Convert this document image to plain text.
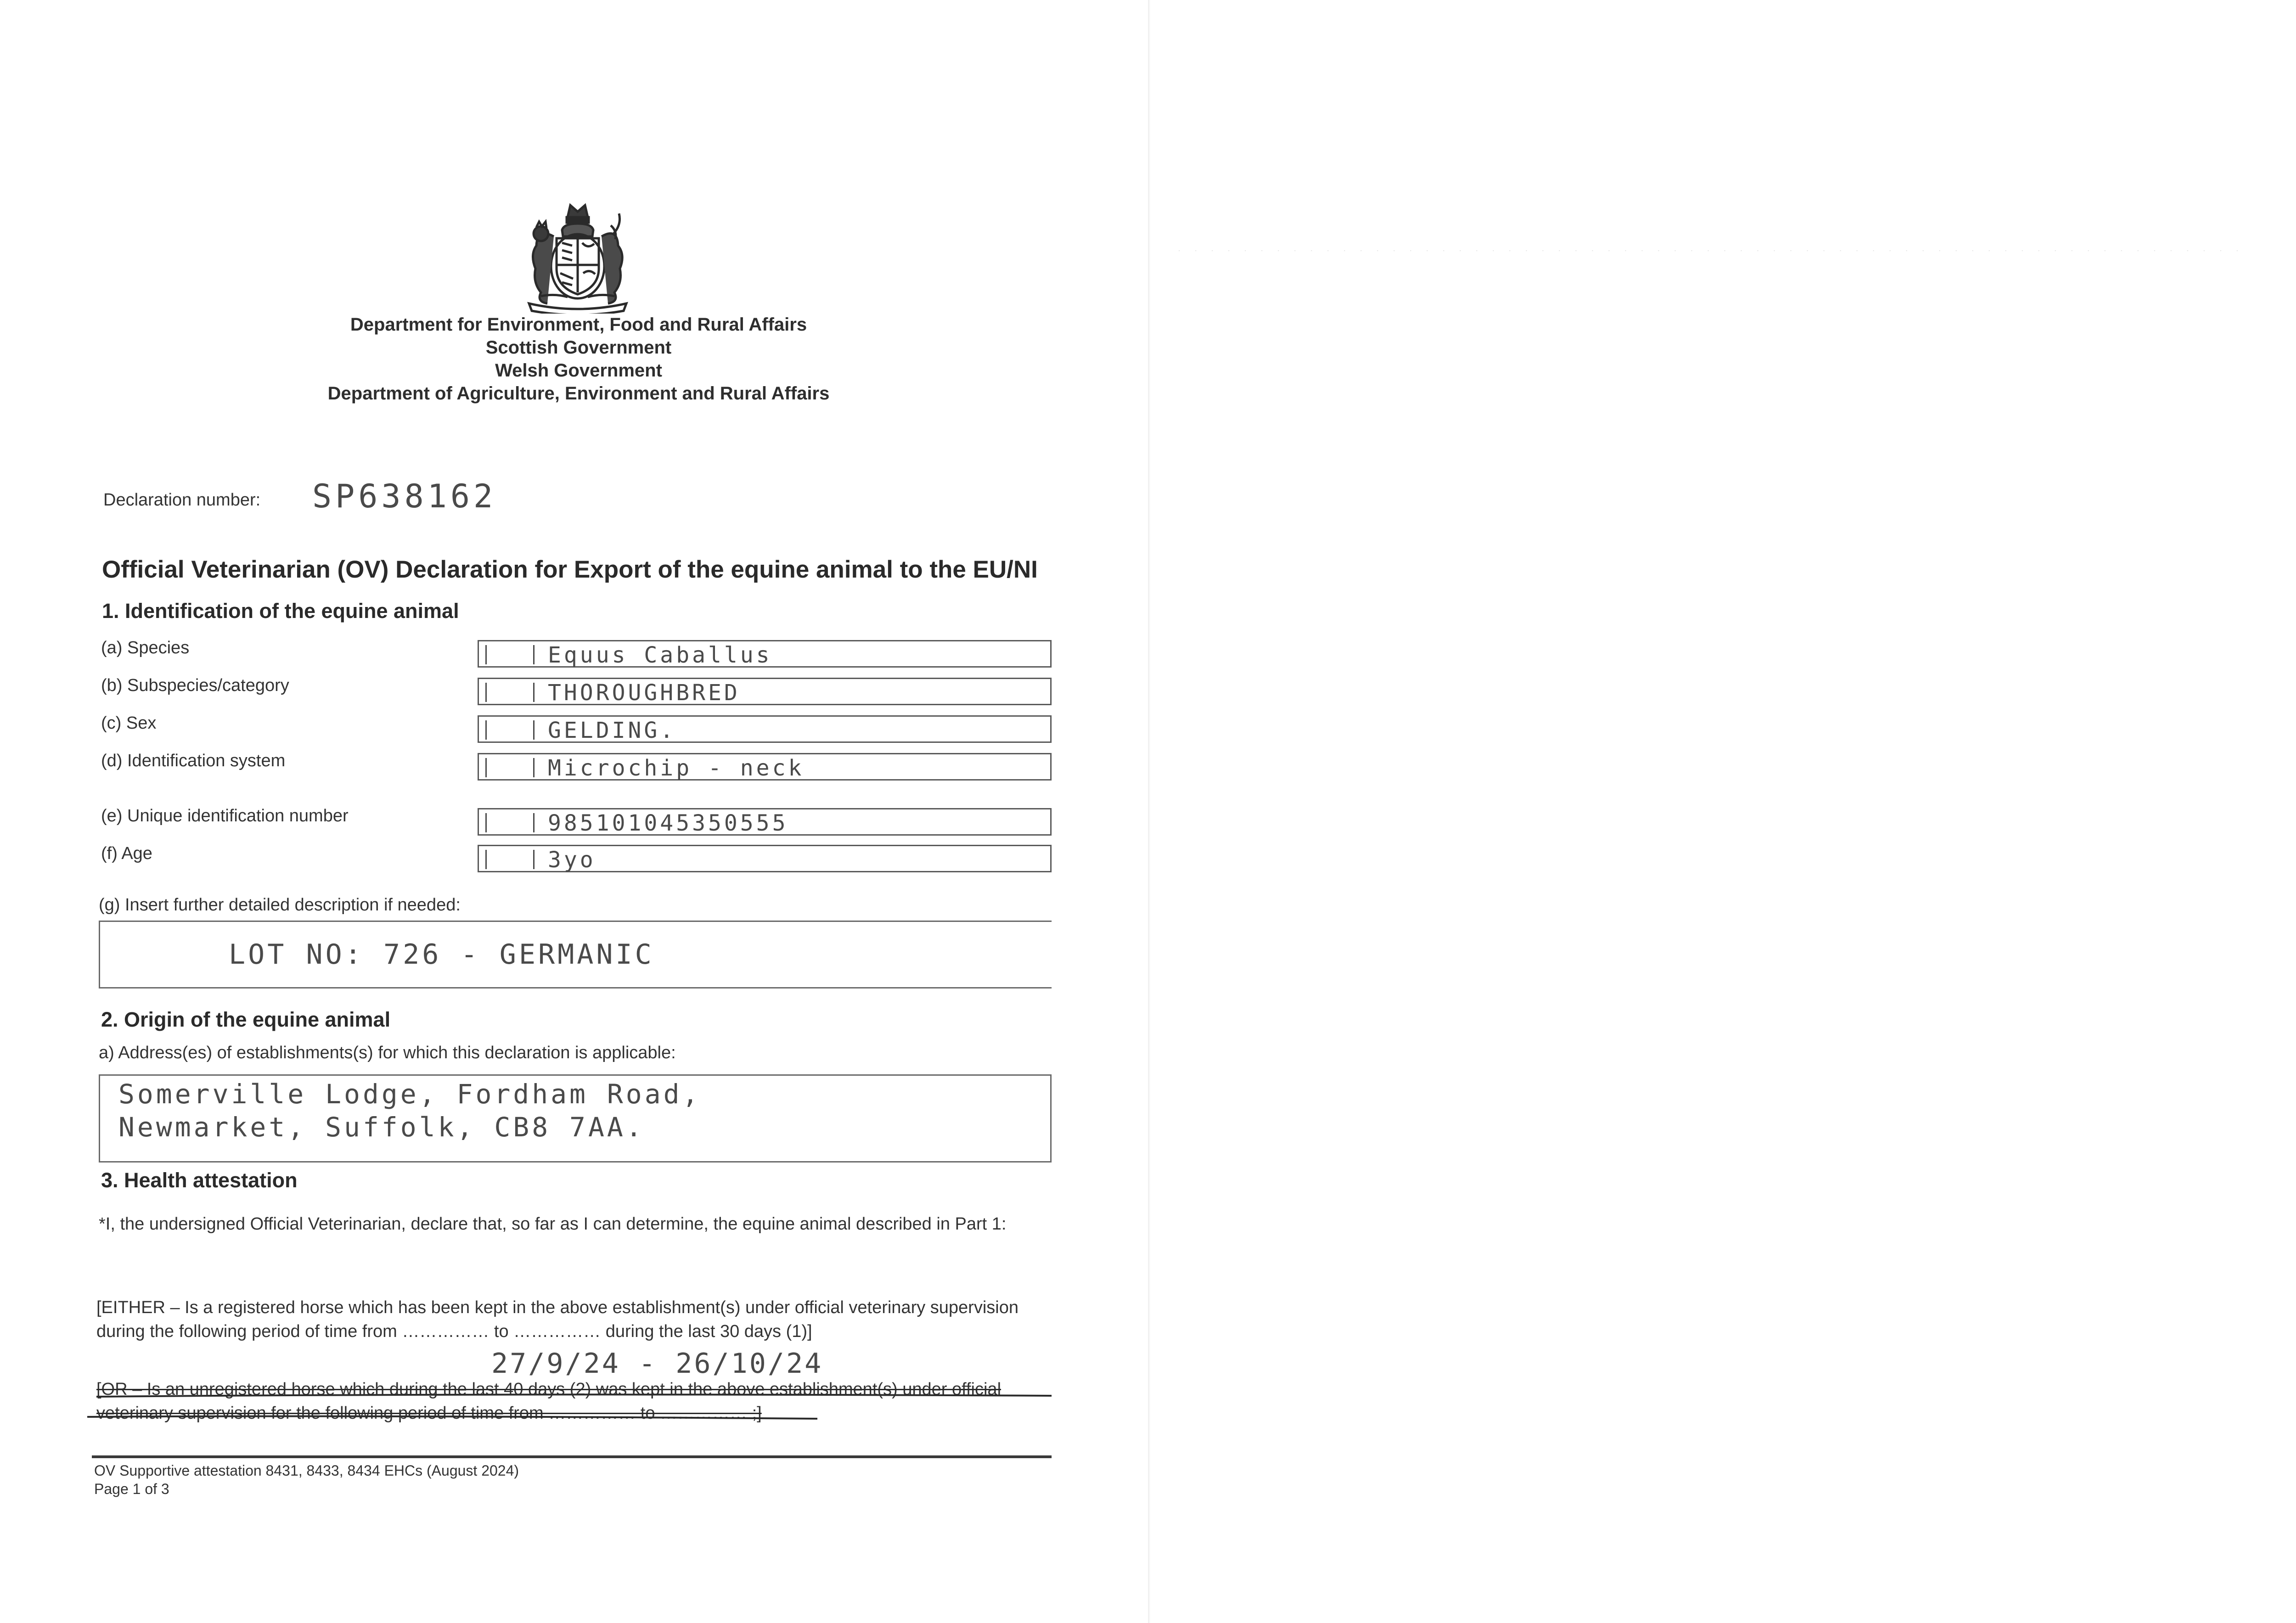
Department for Environment, Food and Rural Affairs
Scottish Government
Welsh Government
Department of Agriculture, Environment and Rural Affairs
Declaration number: SP638162
Official Veterinarian (OV) Declaration for Export of the equine animal to the EU/NI
1. Identification of the equine animal
(a) Species	Equus Caballus
(b) Subspecies/category	THOROUGHBRED
(c) Sex	GELDING.
(d) Identification system	Microchip - neck
(e) Unique identification number	985101045350555
(f) Age	3yo
(g) Insert further detailed description if needed:
LOT NO: 726 - GERMANIC
2. Origin of the equine animal
a) Address(es) of establishments(s) for which this declaration is applicable:
Somerville Lodge, Fordham Road,
Newmarket, Suffolk, CB8 7AA.
3. Health attestation
*I, the undersigned Official Veterinarian, declare that, so far as I can determine, the equine animal described in Part 1:
[EITHER – Is a registered horse which has been kept in the above establishment(s) under official veterinary supervision during the following period of time from …………… to …………… during the last 30 days (1)]
27/9/24 - 26/10/24
[OR – Is an unregistered horse which during the last 40 days (2) was kept in the above establishment(s) under official veterinary supervision for the following period of time from …………… to …………… ;]
OV Supportive attestation 8431, 8433, 8434 EHCs (August 2024)
Page 1 of 3
